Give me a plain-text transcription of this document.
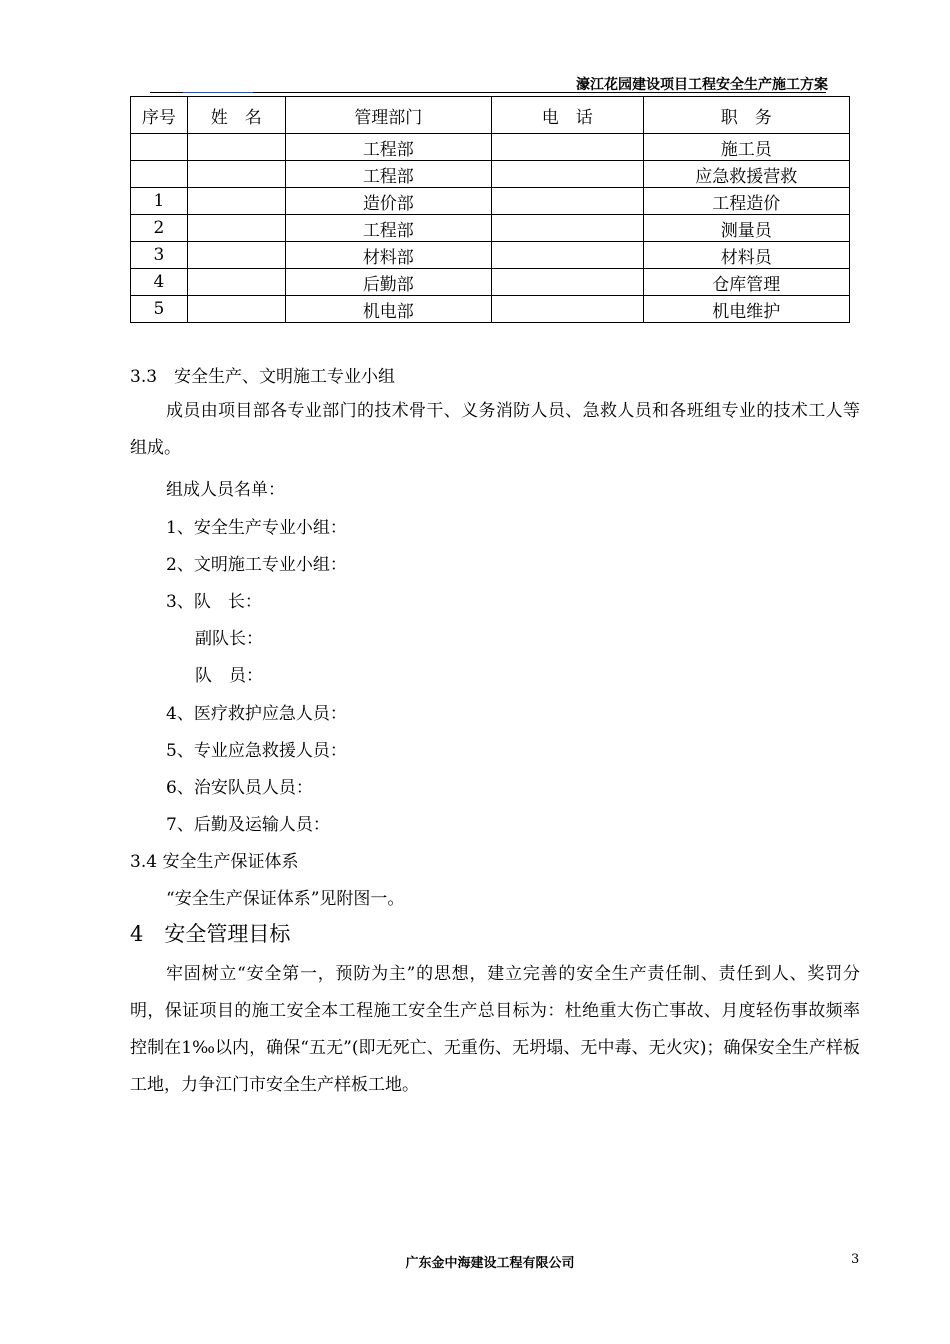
濠江花园建设项目工程安全生产施工方案
序号	姓　名	管理部门	电　话	职　务
		工程部		施工员
		工程部		应急救援营救
1		造价部		工程造价
2		工程部		测量员
3		材料部		材料员
4		后勤部		仓库管理
5		机电部		机电维护
3.3　安全生产、文明施工专业小组
成员由项目部各专业部门的技术骨干、义务消防人员、急救人员和各班组专业的技术工人等组成。
组成人员名单：
1、安全生产专业小组：
2、文明施工专业小组：
3、队　长：
副队长：
队　员：
4、医疗救护应急人员：
5、专业应急救援人员：
6、治安队员人员：
7、后勤及运输人员：
3.4 安全生产保证体系
“安全生产保证体系”见附图一。
4　安全管理目标
牢固树立“安全第一，预防为主”的思想，建立完善的安全生产责任制、责任到人、奖罚分明，保证项目的施工安全本工程施工安全生产总目标为：杜绝重大伤亡事故、月度轻伤事故频率控制在1‰以内，确保“五无”(即无死亡、无重伤、无坍塌、无中毒、无火灾)；确保安全生产样板工地，力争江门市安全生产样板工地。
广东金中海建设工程有限公司	3
